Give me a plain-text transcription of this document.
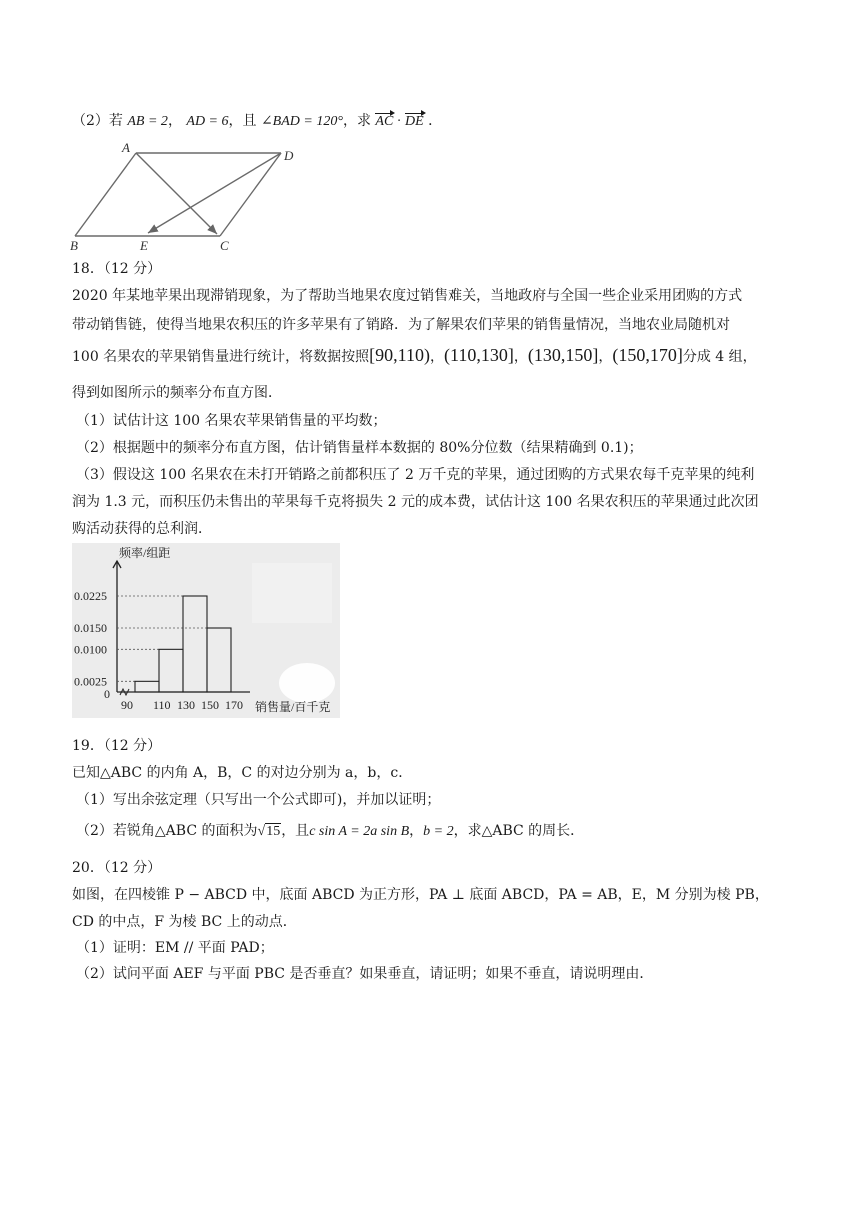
（2）若 AB = 2， AD = 6，且 ∠BAD = 120°，求 AC · DE ．
A
D
B	E	C
18．（12 分）
2020 年某地苹果出现滞销现象，为了帮助当地果农度过销售难关，当地政府与全国一些企业采用团购的方式
带动销售链，使得当地果农积压的许多苹果有了销路．为了解果农们苹果的销售量情况，当地农业局随机对
100 名果农的苹果销售量进行统计，将数据按照[90,110)，(110,130]，(130,150]，(150,170]分成 4 组，
得到如图所示的频率分布直方图．
（1）试估计这 100 名果农苹果销售量的平均数；
（2）根据题中的频率分布直方图，估计销售量样本数据的 80%分位数（结果精确到 0.1)；
（3）假设这 100 名果农在未打开销路之前都积压了 2 万千克的苹果，通过团购的方式果农每千克苹果的纯利
润为 1.3 元，而积压仍未售出的苹果每千克将损失 2 元的成本费，试估计这 100 名果农积压的苹果通过此次团
购活动获得的总利润．
0.0225
0.0150
0.0100
0.0025
90 110 130 150 170
频率/组距
销售量/百千克
0
19．（12 分）
已知△ABC 的内角 A，B，C 的对边分别为 a，b，c．
（1）写出余弦定理（只写出一个公式即可)，并加以证明；
（2）若锐角△ABC 的面积为√15，且c sin A = 2a sin B，b = 2，求△ABC 的周长．
20．（12 分）
如图，在四棱锥 P − ABCD 中，底面 ABCD 为正方形，PA ⊥ 底面 ABCD，PA = AB，E，M 分别为棱 PB，
CD 的中点，F 为棱 BC 上的动点．
（1）证明：EM // 平面 PAD；
（2）试问平面 AEF 与平面 PBC 是否垂直？如果垂直，请证明；如果不垂直，请说明理由．
